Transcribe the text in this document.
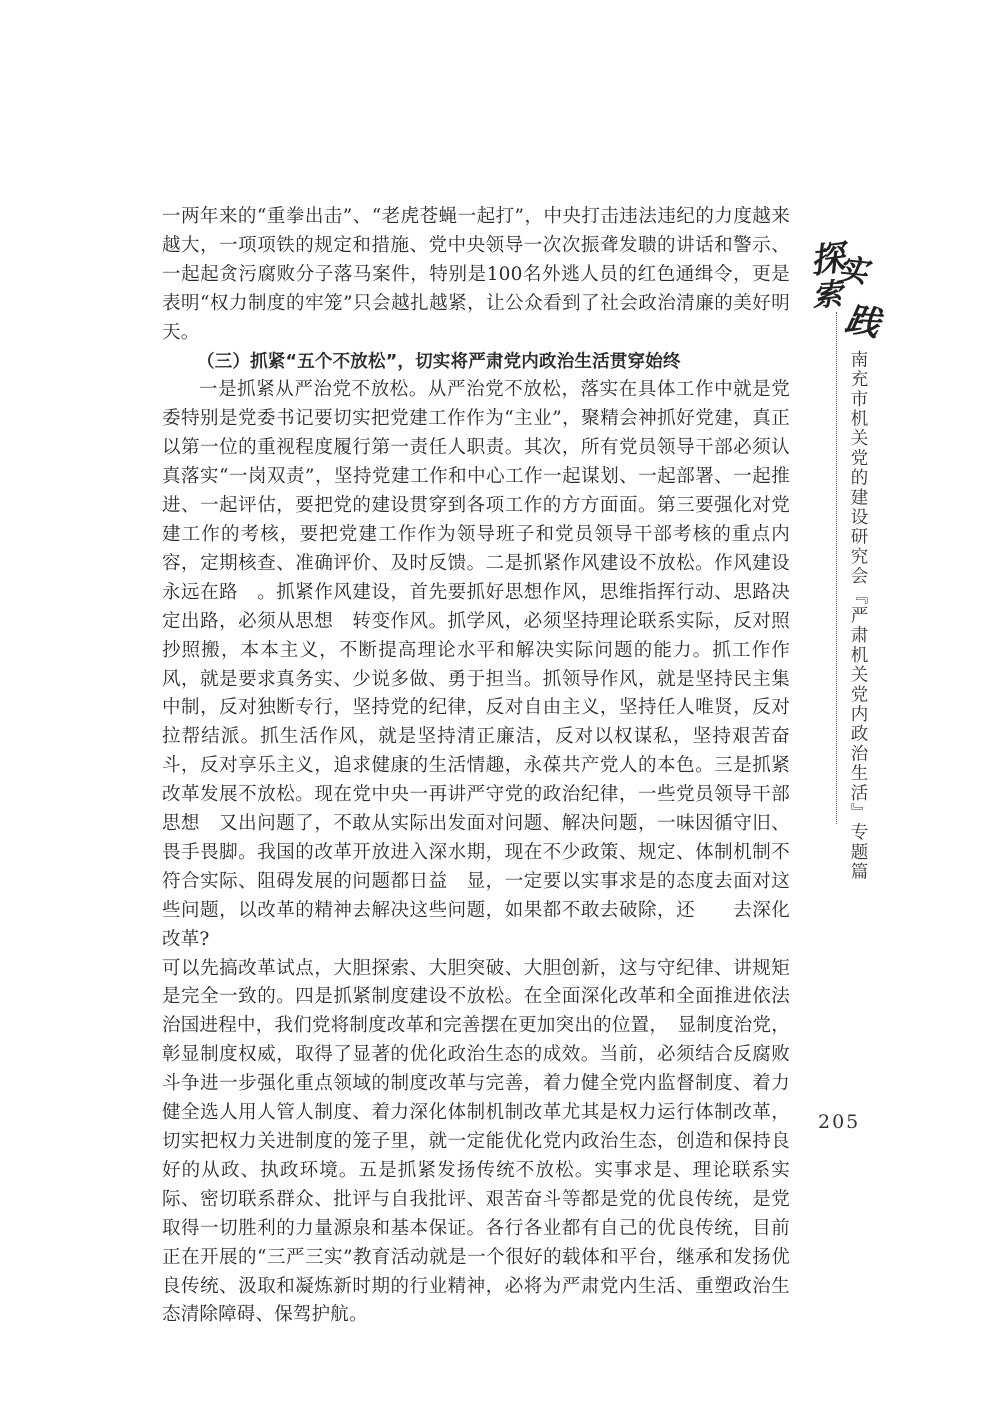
一两年来的“重拳出击”、“老虎苍蝇一起打”，中央打击违法违纪的力度越来越大，一项项铁的规定和措施、党中央领导一次次振聋发聩的讲话和警示、一起起贪污腐败分子落马案件，特别是100名外逃人员的红色通缉令，更是表明“权力制度的牢笼”只会越扎越紧，让公众看到了社会政治清廉的美好明天。

（三）抓紧“五个不放松”，切实将严肃党内政治生活贯穿始终

一是抓紧从严治党不放松。从严治党不放松，落实在具体工作中就是党委特别是党委书记要切实把党建工作作为“主业”，聚精会神抓好党建，真正以第一位的重视程度履行第一责任人职责。其次，所有党员领导干部必须认真落实“一岗双责”，坚持党建工作和中心工作一起谋划、一起部署、一起推进、一起评估，要把党的建设贯穿到各项工作的方方面面。第三要强化对党建工作的考核，要把党建工作作为领导班子和党员领导干部考核的重点内容，定期核查、准确评价、及时反馈。二是抓紧作风建设不放松。作风建设永远在路　。抓紧作风建设，首先要抓好思想作风，思维指挥行动、思路决定出路，必须从思想　转变作风。抓学风，必须坚持理论联系实际，反对照抄照搬，本本主义，不断提高理论水平和解决实际问题的能力。抓工作作风，就是要求真务实、少说多做、勇于担当。抓领导作风，就是坚持民主集中制，反对独断专行，坚持党的纪律，反对自由主义，坚持任人唯贤，反对拉帮结派。抓生活作风，就是坚持清正廉洁，反对以权谋私，坚持艰苦奋斗，反对享乐主义，追求健康的生活情趣，永葆共产党人的本色。三是抓紧改革发展不放松。现在党中央一再讲严守党的政治纪律，一些党员领导干部思想　又出问题了，不敢从实际出发面对问题、解决问题，一味因循守旧、畏手畏脚。我国的改革开放进入深水期，现在不少政策、规定、体制机制不符合实际、阻碍发展的问题都日益　显，一定要以实事求是的态度去面对这些问题，以改革的精神去解决这些问题，如果都不敢去破除，还　　去深化改革?

可以先搞改革试点，大胆探索、大胆突破、大胆创新，这与守纪律、讲规矩是完全一致的。四是抓紧制度建设不放松。在全面深化改革和全面推进依法治国进程中，我们党将制度改革和完善摆在更加突出的位置，　显制度治党，彰显制度权威，取得了显著的优化政治生态的成效。当前，必须结合反腐败斗争进一步强化重点领域的制度改革与完善，着力健全党内监督制度、着力健全选人用人管人制度、着力深化体制机制改革尤其是权力运行体制改革，切实把权力关进制度的笼子里，就一定能优化党内政治生态，创造和保持良好的从政、执政环境。五是抓紧发扬传统不放松。实事求是、理论联系实际、密切联系群众、批评与自我批评、艰苦奋斗等都是党的优良传统，是党取得一切胜利的力量源泉和基本保证。各行各业都有自己的优良传统，目前正在开展的“三严三实”教育活动就是一个很好的载体和平台，继承和发扬优良传统、汲取和凝炼新时期的行业精神，必将为严肃党内生活、重塑政治生态清除障碍、保驾护航。

探
实
索
践
南充市机关党的建设研究会『严肃机关党内政治生活』专题篇
205
